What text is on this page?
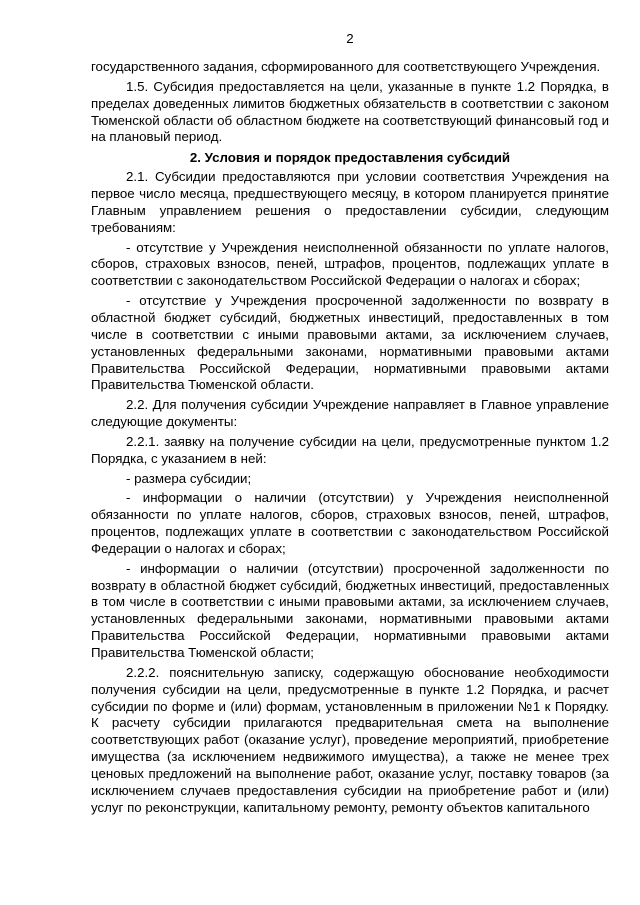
2

государственного задания, сформированного для соответствующего Учреждения.

1.5. Субсидия предоставляется на цели, указанные в пункте 1.2 Порядка, в пределах доведенных лимитов бюджетных обязательств в соответствии с законом Тюменской области об областном бюджете на соответствующий финансовый год и на плановый период.

2. Условия и порядок предоставления субсидий

2.1. Субсидии предоставляются при условии соответствия Учреждения на первое число месяца, предшествующего месяцу, в котором планируется принятие Главным управлением решения о предоставлении субсидии, следующим требованиям:

- отсутствие у Учреждения неисполненной обязанности по уплате налогов, сборов, страховых взносов, пеней, штрафов, процентов, подлежащих уплате в соответствии с законодательством Российской Федерации о налогах и сборах;

- отсутствие у Учреждения просроченной задолженности по возврату в областной бюджет субсидий, бюджетных инвестиций, предоставленных в том числе в соответствии с иными правовыми актами, за исключением случаев, установленных федеральными законами, нормативными правовыми актами Правительства Российской Федерации, нормативными правовыми актами Правительства Тюменской области.

2.2. Для получения субсидии Учреждение направляет в Главное управление следующие документы:

2.2.1. заявку на получение субсидии на цели, предусмотренные пунктом 1.2 Порядка, с указанием в ней:

- размера субсидии;

- информации о наличии (отсутствии) у Учреждения неисполненной обязанности по уплате налогов, сборов, страховых взносов, пеней, штрафов, процентов, подлежащих уплате в соответствии с законодательством Российской Федерации о налогах и сборах;

- информации о наличии (отсутствии) просроченной задолженности по возврату в областной бюджет субсидий, бюджетных инвестиций, предоставленных в том числе в соответствии с иными правовыми актами, за исключением случаев, установленных федеральными законами, нормативными правовыми актами Правительства Российской Федерации, нормативными правовыми актами Правительства Тюменской области;

2.2.2. пояснительную записку, содержащую обоснование необходимости получения субсидии на цели, предусмотренные в пункте 1.2 Порядка, и расчет субсидии по форме и (или) формам, установленным в приложении №1 к Порядку. К расчету субсидии прилагаются предварительная смета на выполнение соответствующих работ (оказание услуг), проведение мероприятий, приобретение имущества (за исключением недвижимого имущества), а также не менее трех ценовых предложений на выполнение работ, оказание услуг, поставку товаров (за исключением случаев предоставления субсидии на приобретение работ и (или) услуг по реконструкции, капитальному ремонту, ремонту объектов капитального
